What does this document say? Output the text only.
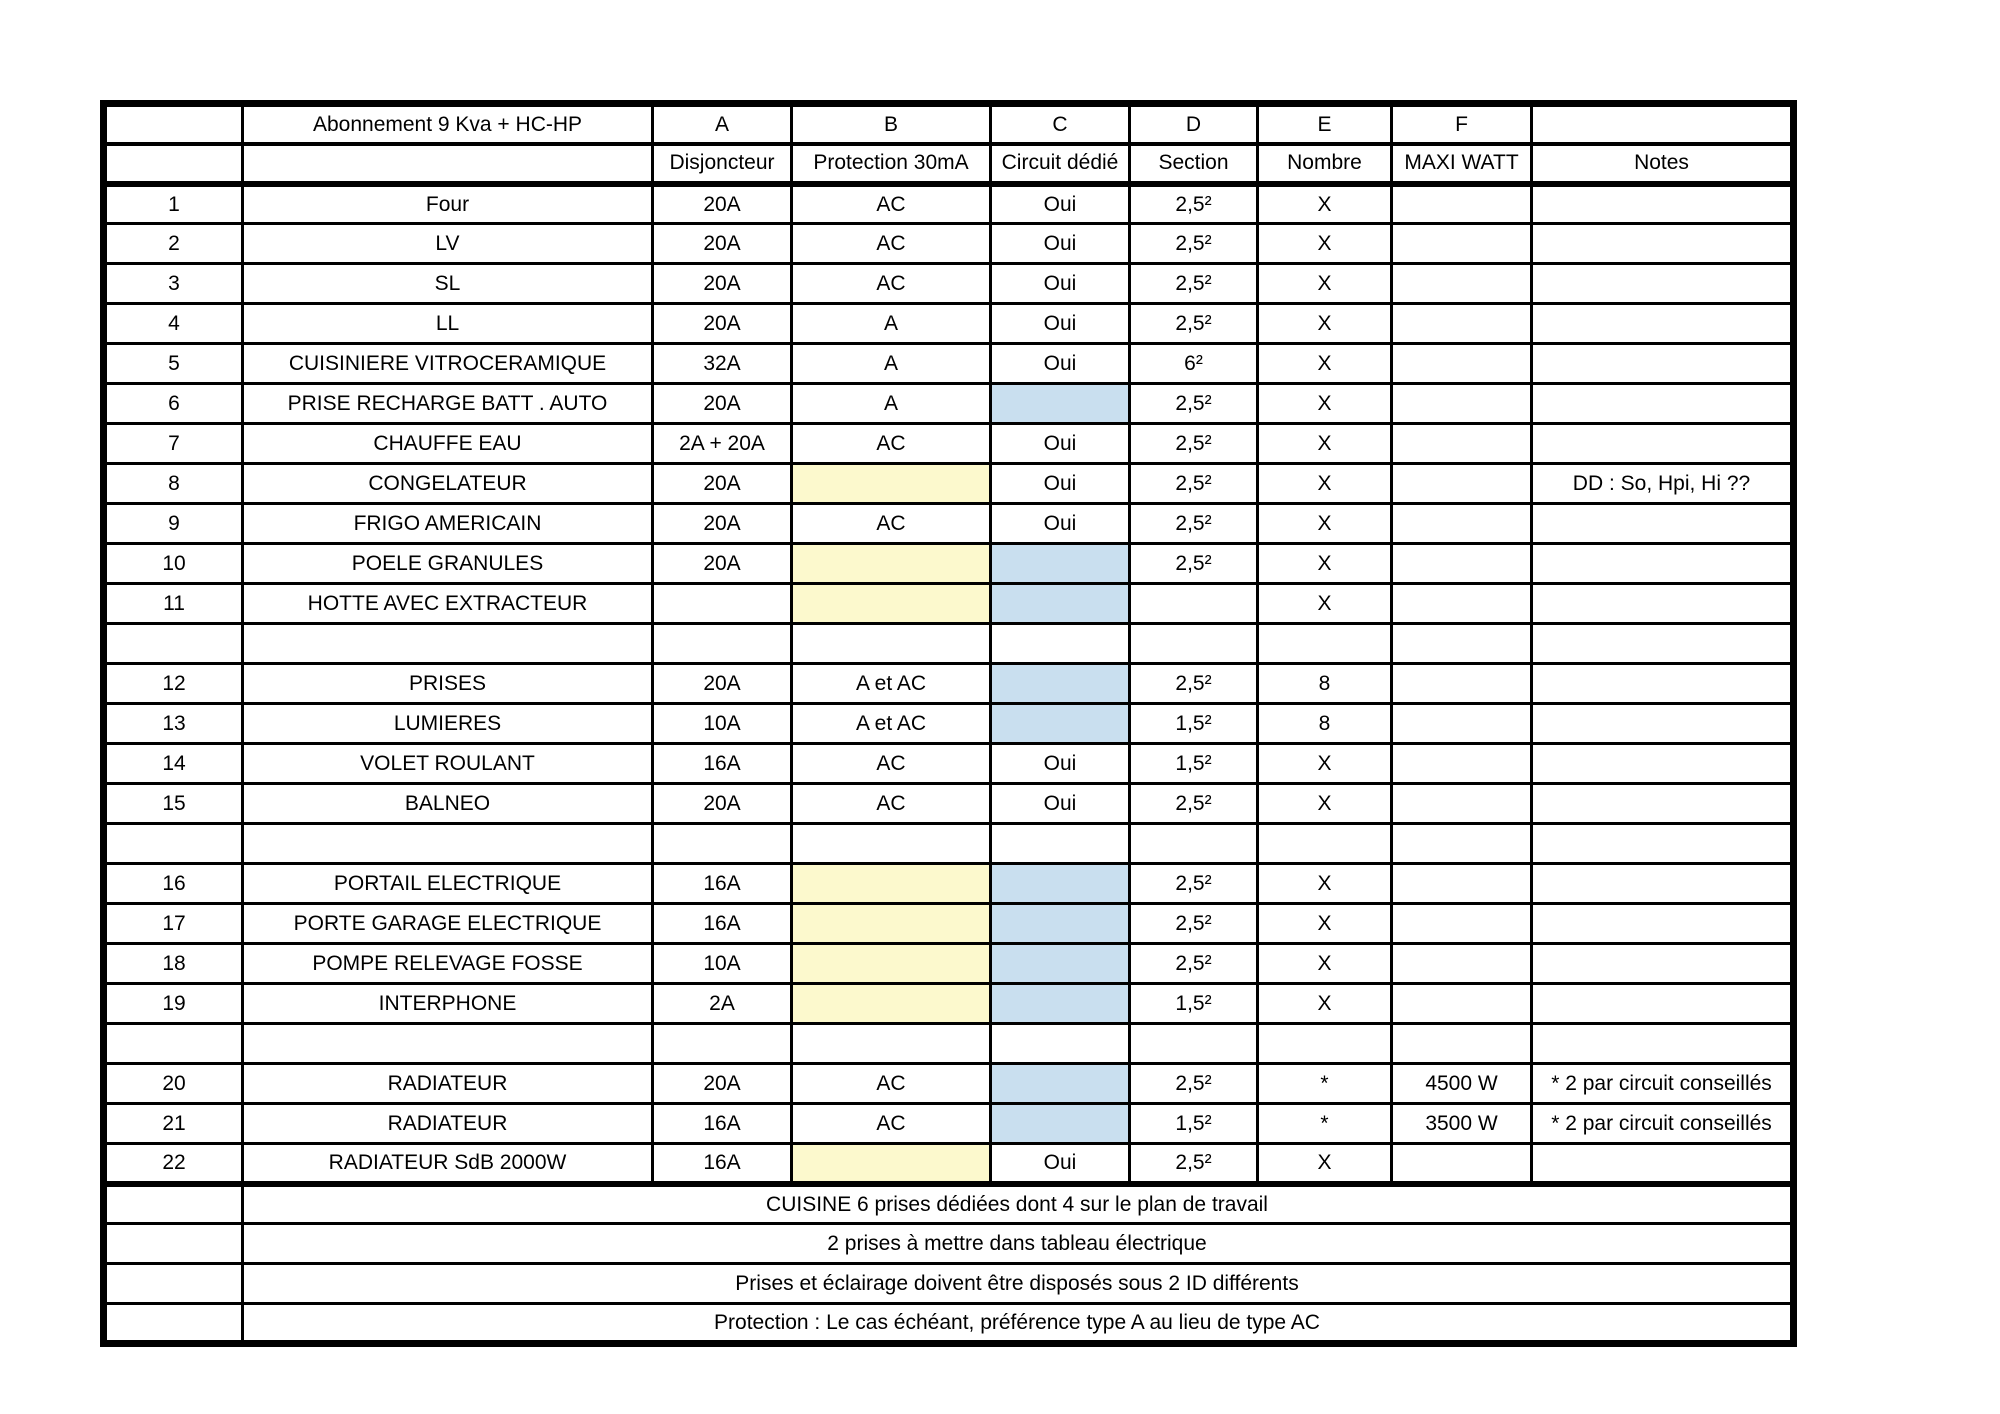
	Abonnement 9 Kva + HC-HP	A	B	C	D	E	F	
		Disjoncteur	Protection 30mA	Circuit dédié	Section	Nombre	MAXI WATT	Notes
1	Four	20A	AC	Oui	2,5²	X		
2	LV	20A	AC	Oui	2,5²	X		
3	SL	20A	AC	Oui	2,5²	X		
4	LL	20A	A	Oui	2,5²	X		
5	CUISINIERE VITROCERAMIQUE	32A	A	Oui	6²	X		
6	PRISE RECHARGE BATT . AUTO	20A	A		2,5²	X		
7	CHAUFFE EAU	2A + 20A	AC	Oui	2,5²	X		
8	CONGELATEUR	20A		Oui	2,5²	X		DD : So, Hpi, Hi ??
9	FRIGO AMERICAIN	20A	AC	Oui	2,5²	X		
10	POELE GRANULES	20A			2,5²	X		
11	HOTTE AVEC EXTRACTEUR					X		

12	PRISES	20A	A et AC		2,5²	8		
13	LUMIERES	10A	A et AC		1,5²	8		
14	VOLET ROULANT	16A	AC	Oui	1,5²	X		
15	BALNEO	20A	AC	Oui	2,5²	X		

16	PORTAIL ELECTRIQUE	16A			2,5²	X		
17	PORTE GARAGE ELECTRIQUE	16A			2,5²	X		
18	POMPE RELEVAGE FOSSE	10A			2,5²	X		
19	INTERPHONE	2A			1,5²	X		

20	RADIATEUR	20A	AC		2,5²	*	4500 W	* 2 par circuit conseillés
21	RADIATEUR	16A	AC		1,5²	*	3500 W	* 2 par circuit conseillés
22	RADIATEUR SdB 2000W	16A		Oui	2,5²	X		
	CUISINE 6 prises dédiées dont 4 sur le plan de travail							
	2 prises à mettre dans tableau électrique							
	Prises et éclairage doivent être disposés sous 2 ID différents							
	Protection : Le cas échéant, préférence type A au lieu de type AC							
